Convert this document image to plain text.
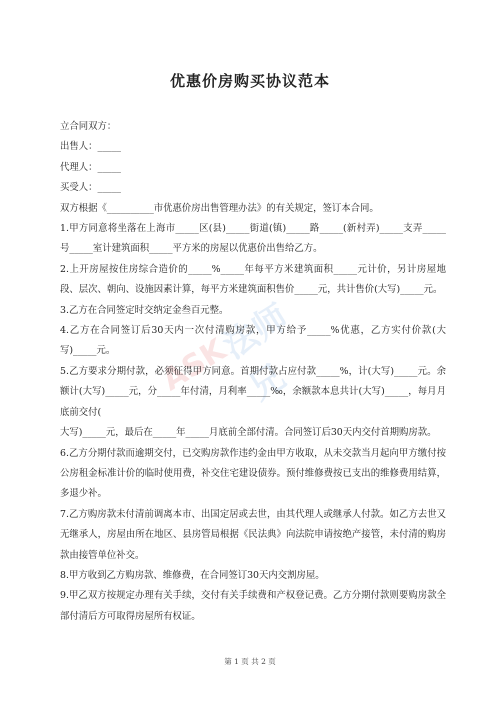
ASK
法师兄
优惠价房购买协议范本

立合同双方：

出售人：_____

代理人：_____

买受人：_____

双方根据《__________市优惠价房出售管理办法》的有关规定，签订本合同。

1.甲方同意将坐落在上海市_____区(县)_____街道(镇)_____路_____(新村弄)_____支弄_____号_____室计建筑面积_____平方米的房屋以优惠价出售给乙方。

2.上开房屋按住房综合造价的_____%_____年每平方米建筑面积_____元计价，另计房屋地段、层次、朝向、设施因素计算，每平方米建筑面积售价_____元，共计售价(大写)_____元。

3.乙方在合同签定时交纳定金叁百元整。

4.乙方在合同签订后30天内一次付清购房款，甲方给予_____%优惠，乙方实付价款(大写)_____元。

5.乙方要求分期付款，必须征得甲方同意。首期付款占应付款_____%，计(大写)_____元。余额计(大写)_____元，分_____年付清，月利率_____‰，余额款本息共计(大写)_____，每月月底前交付(

大写)_____元，最后在_____年_____月底前全部付清。合同签订后30天内交付首期购房款。

6.乙方分期付款而逾期交付，已交购房款作违约金由甲方收取，从未交款当月起向甲方缴付按公房租金标准计价的临时使用费，补交住宅建设债券。预付维修费按已支出的维修费用结算，多退少补。

7.乙方购房款未付清前调离本市、出国定居或去世，由其代理人或继承人付款。如乙方去世又无继承人，房屋由所在地区、县房管局根据《民法典》向法院申请按绝产接管，未付清的购房款由接管单位补交。

8.甲方收到乙方购房款、维修费，在合同签订30天内交割房屋。

9.甲乙双方按规定办理有关手续，交付有关手续费和产权登记费。乙方分期付款则要购房款全部付清后方可取得房屋所有权证。

第 1 页 共 2 页
